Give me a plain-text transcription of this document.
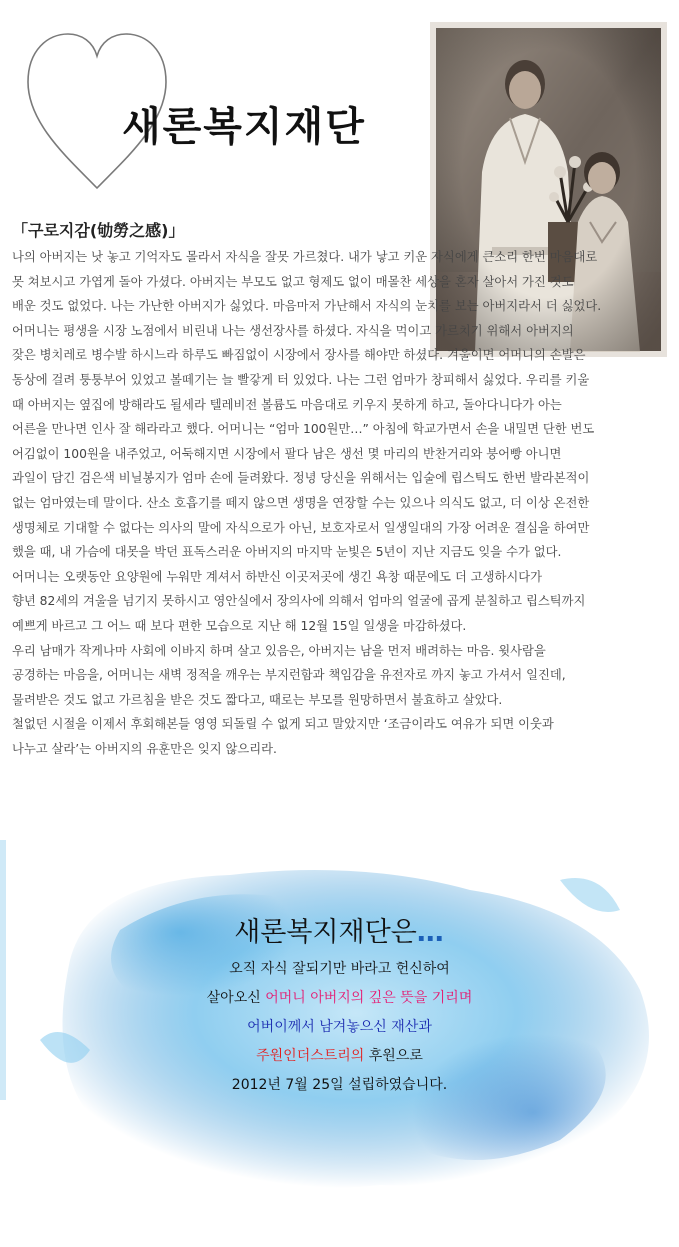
새론복지재단
「구로지감(劬勞之感)」

나의 아버지는 낫 놓고 기억자도 몰라서 자식을 잘못 가르쳤다. 내가 낳고 키운 자식에게 큰소리 한번 마음대로

못 쳐보시고 가엽게 돌아 가셨다. 아버지는 부모도 없고 형제도 없이 매몰찬 세상을 혼자 살아서 가진 것도

배운 것도 없었다. 나는 가난한 아버지가 싫었다. 마음마저 가난해서 자식의 눈치를 보는 아버지라서 더 싫었다.

어머니는 평생을 시장 노점에서 비린내 나는 생선장사를 하셨다. 자식을 먹이고 가르치기 위해서 아버지의

잦은 병치레로 병수발 하시느라 하루도 빠짐없이 시장에서 장사를 해야만 하셨다. 겨울이면 어머니의 손발은

동상에 걸려 퉁퉁부어 있었고 볼떼기는 늘 빨갛게 터 있었다. 나는 그런 엄마가 창피해서 싫었다. 우리를 키울

때 아버지는 옆집에 방해라도 될세라 텔레비전 볼륨도 마음대로 키우지 못하게 하고, 돌아다니다가 아는

어른을 만나면 인사 잘 해라라고 했다. 어머니는 “엄마 100원만…” 아침에 학교가면서 손을 내밀면 단한 번도

어김없이 100원을 내주었고, 어둑해지면 시장에서 팔다 남은 생선 몇 마리의 반찬거리와 붕어빵 아니면

과일이 담긴 검은색 비닐봉지가 엄마 손에 들려왔다. 정녕 당신을 위해서는 입술에 립스틱도 한번 발라본적이

없는 엄마였는데 말이다. 산소 호흡기를 떼지 않으면 생명을 연장할 수는 있으나 의식도 없고, 더 이상 온전한

생명체로 기대할 수 없다는 의사의 말에 자식으로가 아닌, 보호자로서 일생일대의 가장 어려운 결심을 하여만

했을 때, 내 가슴에 대못을 박던 표독스러운 아버지의 마지막 눈빛은 5년이 지난 지금도 잊을 수가 없다.

어머니는 오랫동안 요양원에 누워만 계셔서 하반신 이곳저곳에 생긴 욕창 때문에도 더 고생하시다가

향년 82세의 겨울을 넘기지 못하시고 영안실에서 장의사에 의해서 엄마의 얼굴에 곱게 분칠하고 립스틱까지

예쁘게 바르고 그 어느 때 보다 편한 모습으로 지난 해 12월 15일 일생을 마감하셨다.

우리 남매가 작게나마 사회에 이바지 하며 살고 있음은, 아버지는 남을 먼저 배려하는 마음. 윗사람을

공경하는 마음을, 어머니는 새벽 정적을 깨우는 부지런함과 책임감을 유전자로 까지 놓고 가셔서 일진데,

물려받은 것도 없고 가르침을 받은 것도 짧다고, 때로는 부모를 원망하면서 불효하고 살았다.

철없던 시절을 이제서 후회해본들 영영 되돌릴 수 없게 되고 말았지만 ‘조금이라도 여유가 되면 이웃과

나누고 살라’는 아버지의 유훈만은 잊지 않으리라.

새론복지재단은…

오직 자식 잘되기만 바라고 헌신하여

살아오신 어머니 아버지의 깊은 뜻을 기리며

어버이께서 남겨놓으신 재산과

주원인더스트리의 후원으로

2012년 7월 25일 설립하였습니다.
